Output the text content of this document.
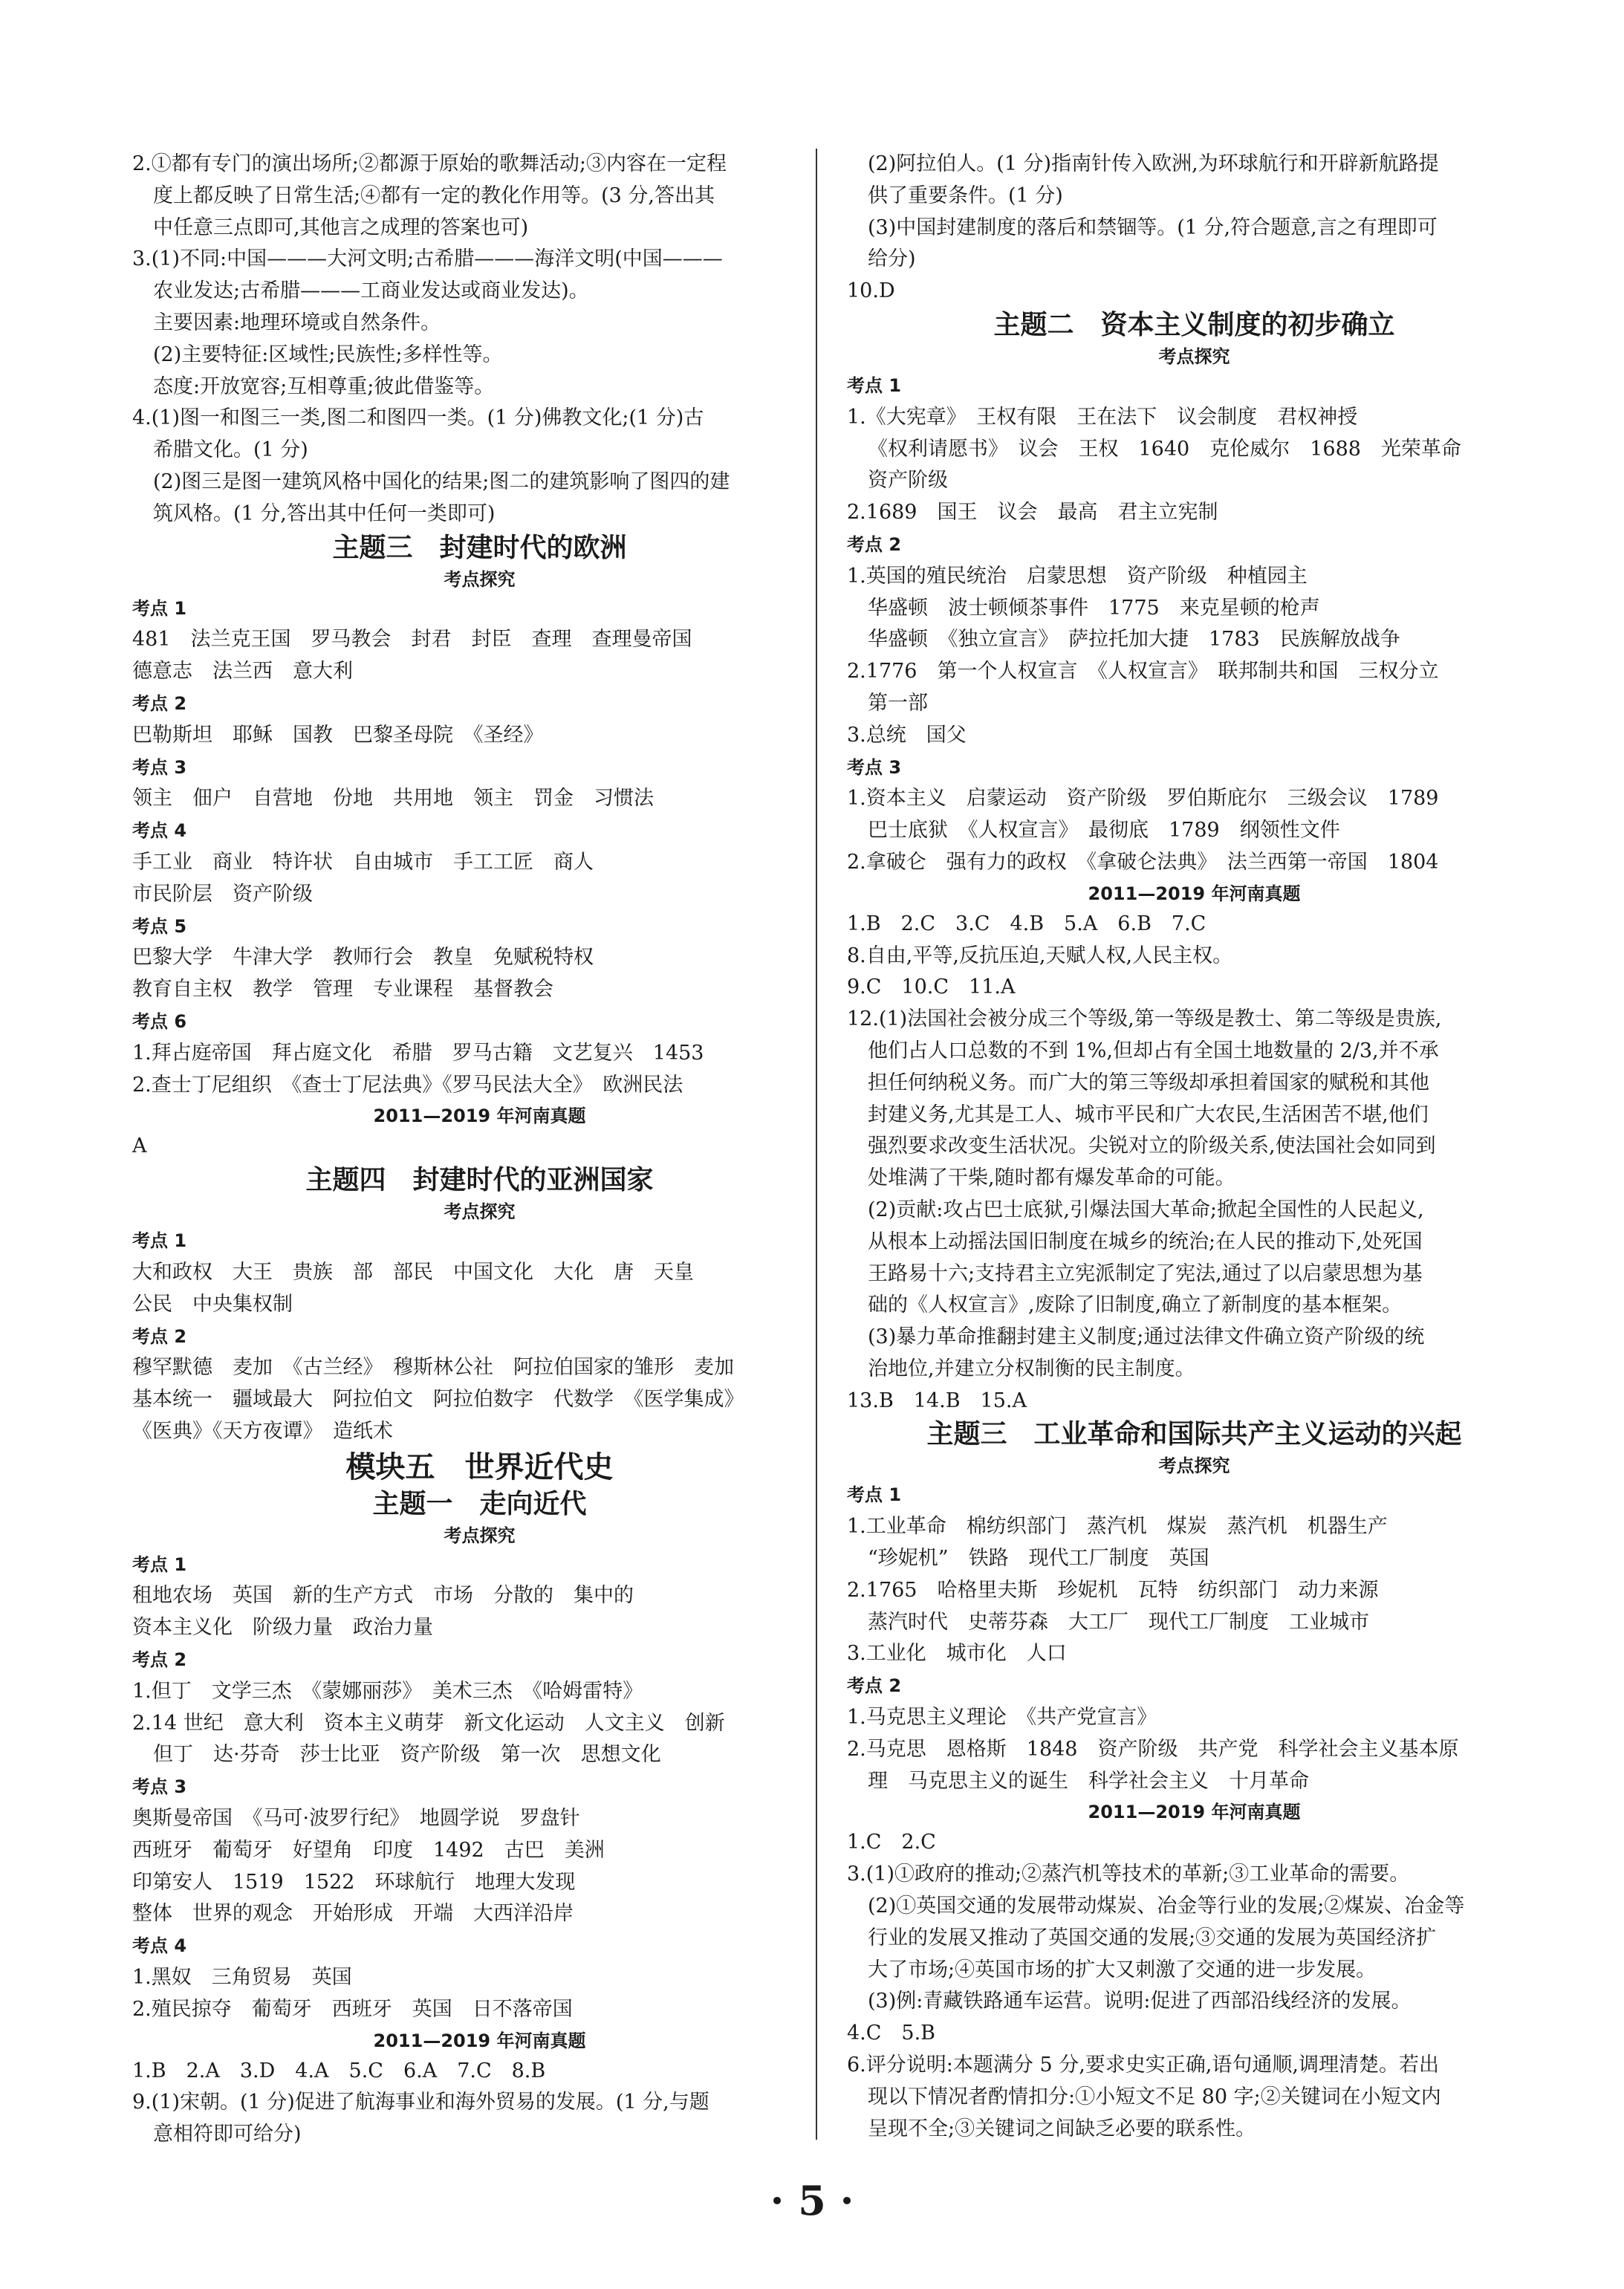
2.①都有专门的演出场所;②都源于原始的歌舞活动;③内容在一定程
度上都反映了日常生活;④都有一定的教化作用等。(3 分,答出其
中任意三点即可,其他言之成理的答案也可)
3.(1)不同:中国———大河文明;古希腊———海洋文明(中国———
农业发达;古希腊———工商业发达或商业发达)。
主要因素:地理环境或自然条件。
(2)主要特征:区域性;民族性;多样性等。
态度:开放宽容;互相尊重;彼此借鉴等。
4.(1)图一和图三一类,图二和图四一类。(1 分)佛教文化;(1 分)古
希腊文化。(1 分)
(2)图三是图一建筑风格中国化的结果;图二的建筑影响了图四的建
筑风格。(1 分,答出其中任何一类即可)
主题三　封建时代的欧洲
考点探究
考点 1
481　法兰克王国　罗马教会　封君　封臣　查理　查理曼帝国
德意志　法兰西　意大利
考点 2
巴勒斯坦　耶稣　国教　巴黎圣母院　《圣经》
考点 3
领主　佃户　自营地　份地　共用地　领主　罚金　习惯法
考点 4
手工业　商业　特许状　自由城市　手工工匠　商人
市民阶层　资产阶级
考点 5
巴黎大学　牛津大学　教师行会　教皇　免赋税特权
教育自主权　教学　管理　专业课程　基督教会
考点 6
1.拜占庭帝国　拜占庭文化　希腊　罗马古籍　文艺复兴　1453
2.查士丁尼组织　《查士丁尼法典》《罗马民法大全》　欧洲民法
2011—2019 年河南真题
A
主题四　封建时代的亚洲国家
考点探究
考点 1
大和政权　大王　贵族　部　部民　中国文化　大化　唐　天皇
公民　中央集权制
考点 2
穆罕默德　麦加　《古兰经》　穆斯林公社　阿拉伯国家的雏形　麦加
基本统一　疆域最大　阿拉伯文　阿拉伯数字　代数学　《医学集成》
《医典》《天方夜谭》　造纸术
模块五　世界近代史
主题一　走向近代
考点探究
考点 1
租地农场　英国　新的生产方式　市场　分散的　集中的
资本主义化　阶级力量　政治力量
考点 2
1.但丁　文学三杰　《蒙娜丽莎》　美术三杰　《哈姆雷特》
2.14 世纪　意大利　资本主义萌芽　新文化运动　人文主义　创新
但丁　达·芬奇　莎士比亚　资产阶级　第一次　思想文化
考点 3
奥斯曼帝国　《马可·波罗行纪》　地圆学说　罗盘针
西班牙　葡萄牙　好望角　印度　1492　古巴　美洲
印第安人　1519　1522　环球航行　地理大发现
整体　世界的观念　开始形成　开端　大西洋沿岸
考点 4
1.黑奴　三角贸易　英国
2.殖民掠夺　葡萄牙　西班牙　英国　日不落帝国
2011—2019 年河南真题
1.B　2.A　3.D　4.A　5.C　6.A　7.C　8.B
9.(1)宋朝。(1 分)促进了航海事业和海外贸易的发展。(1 分,与题
意相符即可给分)
(2)阿拉伯人。(1 分)指南针传入欧洲,为环球航行和开辟新航路提
供了重要条件。(1 分)
(3)中国封建制度的落后和禁锢等。(1 分,符合题意,言之有理即可
给分)
10.D
主题二　资本主义制度的初步确立
考点探究
考点 1
1.《大宪章》　王权有限　王在法下　议会制度　君权神授
《权利请愿书》　议会　王权　1640　克伦威尔　1688　光荣革命
资产阶级
2.1689　国王　议会　最高　君主立宪制
考点 2
1.英国的殖民统治　启蒙思想　资产阶级　种植园主
华盛顿　波士顿倾茶事件　1775　来克星顿的枪声
华盛顿　《独立宣言》　萨拉托加大捷　1783　民族解放战争
2.1776　第一个人权宣言　《人权宣言》　联邦制共和国　三权分立
第一部
3.总统　国父
考点 3
1.资本主义　启蒙运动　资产阶级　罗伯斯庇尔　三级会议　1789
巴士底狱　《人权宣言》　最彻底　1789　纲领性文件
2.拿破仑　强有力的政权　《拿破仑法典》　法兰西第一帝国　1804
2011—2019 年河南真题
1.B　2.C　3.C　4.B　5.A　6.B　7.C
8.自由,平等,反抗压迫,天赋人权,人民主权。
9.C　10.C　11.A
12.(1)法国社会被分成三个等级,第一等级是教士、第二等级是贵族,
他们占人口总数的不到 1%,但却占有全国土地数量的 2/3,并不承
担任何纳税义务。而广大的第三等级却承担着国家的赋税和其他
封建义务,尤其是工人、城市平民和广大农民,生活困苦不堪,他们
强烈要求改变生活状况。尖锐对立的阶级关系,使法国社会如同到
处堆满了干柴,随时都有爆发革命的可能。
(2)贡献:攻占巴士底狱,引爆法国大革命;掀起全国性的人民起义,
从根本上动摇法国旧制度在城乡的统治;在人民的推动下,处死国
王路易十六;支持君主立宪派制定了宪法,通过了以启蒙思想为基
础的《人权宣言》,废除了旧制度,确立了新制度的基本框架。
(3)暴力革命推翻封建主义制度;通过法律文件确立资产阶级的统
治地位,并建立分权制衡的民主制度。
13.B　14.B　15.A
主题三　工业革命和国际共产主义运动的兴起
考点探究
考点 1
1.工业革命　棉纺织部门　蒸汽机　煤炭　蒸汽机　机器生产
“珍妮机”　铁路　现代工厂制度　英国
2.1765　哈格里夫斯　珍妮机　瓦特　纺织部门　动力来源
蒸汽时代　史蒂芬森　大工厂　现代工厂制度　工业城市
3.工业化　城市化　人口
考点 2
1.马克思主义理论　《共产党宣言》
2.马克思　恩格斯　1848　资产阶级　共产党　科学社会主义基本原
理　马克思主义的诞生　科学社会主义　十月革命
2011—2019 年河南真题
1.C　2.C
3.(1)①政府的推动;②蒸汽机等技术的革新;③工业革命的需要。
(2)①英国交通的发展带动煤炭、冶金等行业的发展;②煤炭、冶金等
行业的发展又推动了英国交通的发展;③交通的发展为英国经济扩
大了市场;④英国市场的扩大又刺激了交通的进一步发展。
(3)例:青藏铁路通车运营。说明:促进了西部沿线经济的发展。
4.C　5.B
6.评分说明:本题满分 5 分,要求史实正确,语句通顺,调理清楚。若出
现以下情况者酌情扣分:①小短文不足 80 字;②关键词在小短文内
呈现不全;③关键词之间缺乏必要的联系性。
· 5 ·
